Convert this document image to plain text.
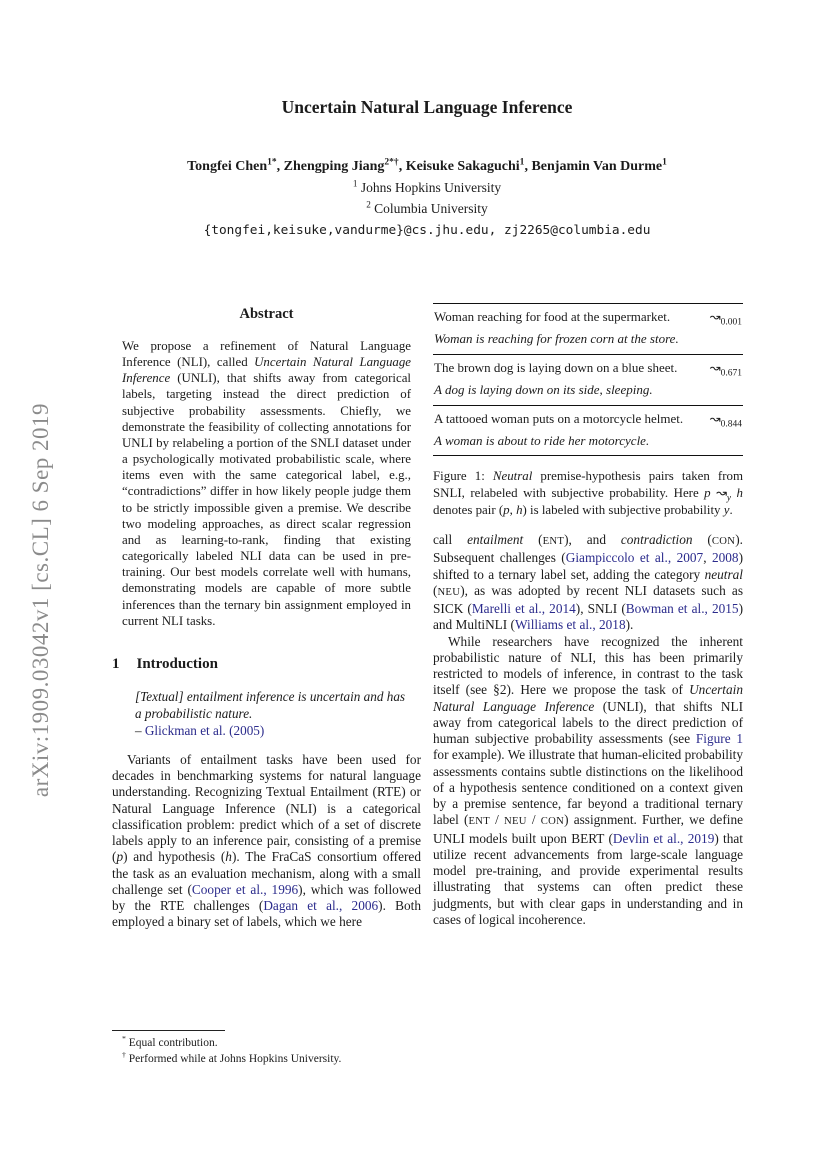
arXiv:1909.03042v1 [cs.CL] 6 Sep 2019
Uncertain Natural Language Inference
Tongfei Chen$^{1*}$, Zhengping Jiang$^{2*\dagger}$, Keisuke Sakaguchi$^1$, Benjamin Van Durme$^1$
$^1$ Johns Hopkins University
$^2$ Columbia University
{tongfei,keisuke,vandurme}@cs.jhu.edu, zj2265@columbia.edu
Abstract
We propose a refinement of Natural Language Inference (NLI), called Uncertain Natural Language Inference (UNLI), that shifts away from categorical labels, targeting instead the direct prediction of subjective probability assessments. Chiefly, we demonstrate the feasibility of collecting annotations for UNLI by relabeling a portion of the SNLI dataset under a psychologically motivated probabilistic scale, where items even with the same categorical label, e.g., “contradictions” differ in how likely people judge them to be strictly impossible given a premise. We describe two modeling approaches, as direct scalar regression and as learning-to-rank, finding that existing categorically labeled NLI data can be used in pre-training. Our best models correlate well with humans, demonstrating models are capable of more subtle inferences than the ternary bin assignment employed in current NLI tasks.
1 Introduction
[Textual] entailment inference is uncertain and has a probabilistic nature.
– Glickman et al. (2005)
Variants of entailment tasks have been used for decades in benchmarking systems for natural language understanding. Recognizing Textual Entailment (RTE) or Natural Language Inference (NLI) is a categorical classification problem: predict which of a set of discrete labels apply to an inference pair, consisting of a premise (p) and hypothesis (h). The FraCaS consortium offered the task as an evaluation mechanism, along with a small challenge set (Cooper et al., 1996), which was followed by the RTE challenges (Dagan et al., 2006). Both employed a binary set of labels, which we here
Woman reaching for food at the supermarket.	$↝_{0.001}$
Woman is reaching for frozen corn at the store.
The brown dog is laying down on a blue sheet. $↝_{0.671}$
A dog is laying down on its side, sleeping.
A tattooed woman puts on a motorcycle helmet. $↝_{0.844}$
A woman is about to ride her motorcycle.
Figure 1: Neutral premise-hypothesis pairs taken from SNLI, relabeled with subjective probability. Here p $↝_y$ h denotes pair (p, h) is labeled with subjective probability y.
call entailment (ENT), and contradiction (CON). Subsequent challenges (Giampiccolo et al., 2007, 2008) shifted to a ternary label set, adding the category neutral (NEU), as was adopted by recent NLI datasets such as SICK (Marelli et al., 2014), SNLI (Bowman et al., 2015) and MultiNLI (Williams et al., 2018).
While researchers have recognized the inherent probabilistic nature of NLI, this has been primarily restricted to models of inference, in contrast to the task itself (see §2). Here we propose the task of Uncertain Natural Language Inference (UNLI), that shifts NLI away from categorical labels to the direct prediction of human subjective probability assessments (see Figure 1 for example). We illustrate that human-elicited probability assessments contains subtle distinctions on the likelihood of a hypothesis sentence conditioned on a context given by a premise sentence, far beyond a traditional ternary label (ENT / NEU / CON) assignment. Further, we define UNLI models built upon BERT (Devlin et al., 2019) that utilize recent advancements from large-scale language model pre-training, and provide experimental results illustrating that systems can often predict these judgments, but with clear gaps in understanding and in cases of logical incoherence.
* Equal contribution.
† Performed while at Johns Hopkins University.
